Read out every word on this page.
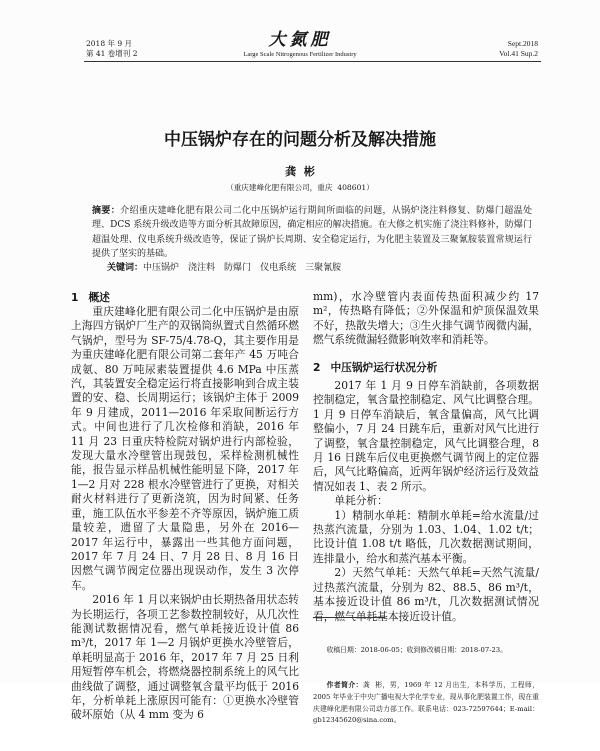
2018 年 9 月
第 41 卷增刊 2
大氮肥
Large Scale Nitrogenous Fertilizer Industry
Sept.2018
Vol.41 Sup.2
中压锅炉存在的问题分析及解决措施
龚  彬
（重庆建峰化肥有限公司，重庆  408601）

摘要：介绍重庆建峰化肥有限公司二化中压锅炉运行期间所面临的问题，从锅炉浇注料修复、防爆门超温处理、DCS 系统升级改造等方面分析其故障原因，确定相应的解决措施。在大修之机实施了浇注料修补，防爆门超温处理、仪电系统升级改造等，保证了锅炉长周期、安全稳定运行，为化肥主装置及三聚氰胺装置常规运行提供了坚实的基础。

关键词：中压锅炉 浇注料 防爆门 仪电系统 三聚氰胺

1 概述

重庆建峰化肥有限公司二化中压锅炉是由原上海四方锅炉厂生产的双锅筒纵置式自然循环燃气锅炉，型号为 SF-75/4.78-Q，其主要作用是为重庆建峰化肥有限公司第二套年产 45 万吨合成氨、80 万吨尿素装置提供 4.6 MPa 中压蒸汽，其装置安全稳定运行将直接影响到合成主装置的安、稳、长周期运行；该锅炉主体于 2009 年 9 月建成，2011—2016 年采取间断运行方式。中间也进行了几次检修和消缺，2016 年 11 月 23 日重庆特检院对锅炉进行内部检验，发现大量水冷壁管出现鼓包，采样检测机械性能，报告显示样品机械性能明显下降，2017 年 1—2 月对 228 根水冷壁管进行了更换，对相关耐火材料进行了更新浇筑，因为时间紧、任务重，施工队伍水平参差不齐等原因，锅炉施工质量较差，遗留了大量隐患，另外在 2016—2017 年运行中，暴露出一些其他方面问题，2017 年 7 月 24 日、7 月 28 日、8 月 16 日因燃气调节阀定位器出现误动作，发生 3 次停车。

2016 年 1 月以来锅炉由长期热备用状态转为长期运行，各项工艺参数控制较好，从几次性能测试数据情况看，燃气单耗接近设计值 86 m³/t，2017 年 1—2 月锅炉更换水冷壁管后，单耗明显高于 2016 年，2017 年 7 月 25 日利用短暂停车机会，将燃烧器控制系统上的风气比曲线做了调整，通过调整氧含量平均低于 2016 年，分析单耗上涨原因可能有：①更换水冷壁管破坏原始（从 4 mm 变为 6

mm)，水冷壁管内表面传热面积减少约 17 m²，传热略有降低；②外保温和炉顶保温效果不好，热散失增大；③生火排气调节阀微内漏，燃气系统微漏轻微影响效率和消耗等。

2 中压锅炉运行状况分析

2017 年 1 月 9 日停车消缺前，各项数据控制稳定，氧含量控制稳定、风气比调整合理。1 月 9 日停车消缺后，氧含量偏高，风气比调整偏小，7 月 24 日跳车后，重新对风气比进行了调整，氧含量控制稳定，风气比调整合理，8 月 16 日跳车后仪电更换燃气调节阀上的定位器后，风气比略偏高，近两年锅炉经济运行及效益情况如表 1、表 2 所示。

单耗分析：

1）精制水单耗：精制水单耗=给水流量/过热蒸汽流量，分别为 1.03、1.04、1.02 t/t；比设计值 1.08 t/t 略低，几次数据测试期间，连排量小，给水和蒸汽基本平衡。

2）天然气单耗：天然气单耗=天然气流量/过热蒸汽流量，分别为 82、88.5、86 m³/t，基本接近设计值 86 m³/t，几次数据测试情况看，燃气单耗基本接近设计值。

收稿日期：2018-06-05；收到修改稿日期：2018-07-23。

作者简介：龚  彬，男，1969 年 12 月出生，本科学历，工程师，2005 年毕业于中央广播电视大学化学专业，现从事化肥装置工作，现在重庆建峰化肥有限公司动力部工作。联系电话：023-72597644；E-mail：gb12345620@sina.com。
